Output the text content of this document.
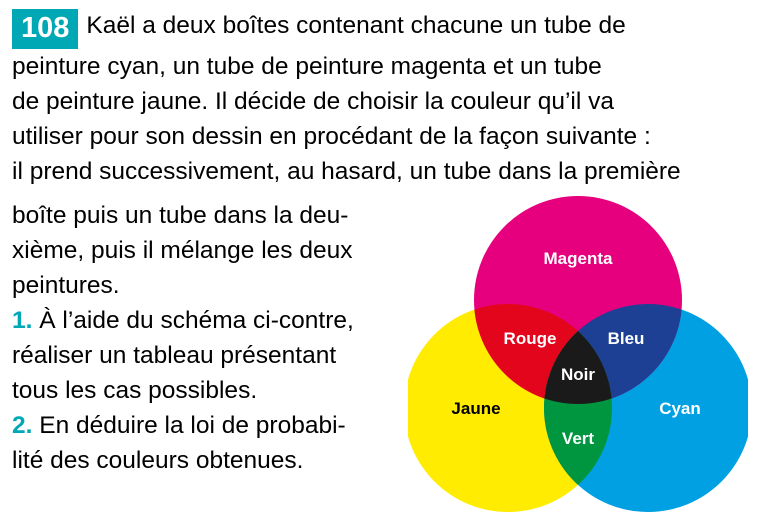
108 Kaël a deux boîtes contenant chacune un tube de

peinture cyan, un tube de peinture magenta et un tube

de peinture jaune. Il décide de choisir la couleur qu’il va

utiliser pour son dessin en procédant de la façon suivante :

il prend successivement, au hasard, un tube dans la première

boîte puis un tube dans la deu-

xième, puis il mélange les deux

peintures.

1. À l’aide du schéma ci-contre,

réaliser un tableau présentant

tous les cas possibles.

2. En déduire la loi de probabi-

lité des couleurs obtenues.

Magenta
Cyan
Jaune
Rouge	Bleu
Vert
Noir
